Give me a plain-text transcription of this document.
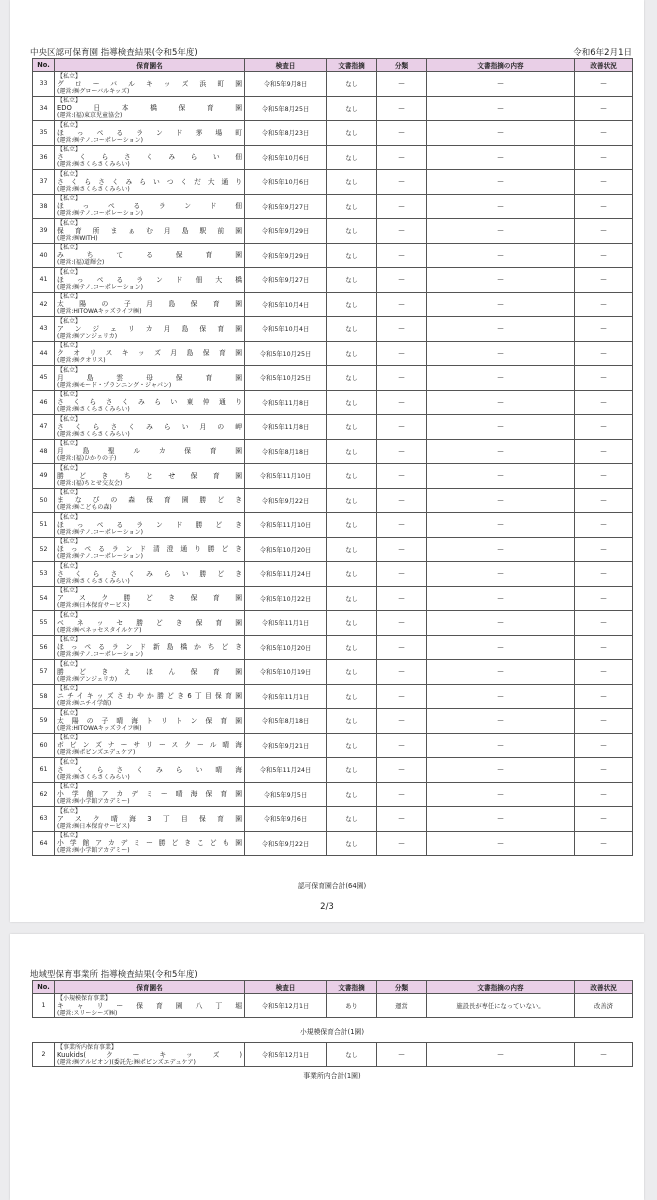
中央区認可保育園 指導検査結果(令和5年度)	令和6年2月1日
No.	保育園名	検査日	文書指摘	分類	文書指摘の内容	改善状況
33	【私立】
グローバルキッズ浜町園
(運営:㈱グローバルキッズ)	令和5年9月8日	なし	—	—	—
34	【私立】
EDO日本橋保育園
(運営:(福)東京児童協会)	令和5年8月25日	なし	—	—	—
35	【私立】
ほっぺるランド茅場町
(運営:㈱テノ.コーポレーション)	令和5年8月23日	なし	—	—	—
36	【私立】
さくらさくみらい佃
(運営:㈱さくらさくみらい)	令和5年10月6日	なし	—	—	—
37	【私立】
さくらさくみらいつくだ大通り
(運営:㈱さくらさくみらい)	令和5年10月6日	なし	—	—	—
38	【私立】
ほっぺるランド佃
(運営:㈱テノ.コーポレーション)	令和5年9月27日	なし	—	—	—
39	【私立】
保育所まぁむ月島駅前園
(運営:㈱WITH)	令和5年9月29日	なし	—	—	—
40	【私立】
みちてる保育園
(運営:(福)道輝会)	令和5年9月29日	なし	—	—	—
41	【私立】
ほっぺるランド佃大橋
(運営:㈱テノ.コーポレーション)	令和5年9月27日	なし	—	—	—
42	【私立】
太陽の子月島保育園
(運営:HITOWAキッズライフ㈱)	令和5年10月4日	なし	—	—	—
43	【私立】
アンジェリカ月島保育園
(運営:㈱アンジェリカ)	令和5年10月4日	なし	—	—	—
44	【私立】
クオリスキッズ月島保育園
(運営:㈱クオリス)	令和5年10月25日	なし	—	—	—
45	【私立】
月島雲母保育園
(運営:㈱モード・プランニング・ジャパン)	令和5年10月25日	なし	—	—	—
46	【私立】
さくらさくみらい東仲通り
(運営:㈱さくらさくみらい)	令和5年11月8日	なし	—	—	—
47	【私立】
さくらさくみらい月の岬
(運営:㈱さくらさくみらい)	令和5年11月8日	なし	—	—	—
48	【私立】
月島聖ルカ保育園
(運営:(福)ひかりの子)	令和5年8月18日	なし	—	—	—
49	【私立】
勝どきちとせ保育園
(運営:(福)ちとせ交友会)	令和5年11月10日	なし	—	—	—
50	【私立】
まなびの森保育園勝どき
(運営:㈱こどもの森)	令和5年9月22日	なし	—	—	—
51	【私立】
ほっぺるランド勝どき
(運営:㈱テノ.コーポレーション)	令和5年11月10日	なし	—	—	—
52	【私立】
ほっぺるランド清澄通り勝どき
(運営:㈱テノ.コーポレーション)	令和5年10月20日	なし	—	—	—
53	【私立】
さくらさくみらい勝どき
(運営:㈱さくらさくみらい)	令和5年11月24日	なし	—	—	—
54	【私立】
アスク勝どき保育園
(運営:㈱日本保育サービス)	令和5年10月22日	なし	—	—	—
55	【私立】
ベネッセ勝どき保育園
(運営:㈱ベネッセスタイルケア)	令和5年11月1日	なし	—	—	—
56	【私立】
ほっぺるランド新島橋かちどき
(運営:㈱テノ.コーポレーション)	令和5年10月20日	なし	—	—	—
57	【私立】
勝どきえほん保育園
(運営:㈱アンジェリカ)	令和5年10月19日	なし	—	—	—
58	【私立】
ニチイキッズさわやか勝どき6丁目保育園
(運営:㈱ニチイ学館)	令和5年11月1日	なし	—	—	—
59	【私立】
太陽の子晴海トリトン保育園
(運営:HITOWAキッズライフ㈱)	令和5年8月18日	なし	—	—	—
60	【私立】
ボビンズナーサリースクール晴海
(運営:㈱ポピンズエデュケア)	令和5年9月21日	なし	—	—	—
61	【私立】
さくらさくみらい晴海
(運営:㈱さくらさくみらい)	令和5年11月24日	なし	—	—	—
62	【私立】
小学館アカデミー晴海保育園
(運営:㈱小学館アカデミー)	令和5年9月5日	なし	—	—	—
63	【私立】
アスク晴海3丁目保育園
(運営:㈱日本保育サービス)	令和5年9月6日	なし	—	—	—
64	【私立】
小学館アカデミー勝どきこども園
(運営:㈱小学館アカデミー)	令和5年9月22日	なし	—	—	—
認可保育園合計(64園)
2/3
地域型保育事業所 指導検査結果(令和5年度)
No.	保育園名	検査日	文書指摘	分類	文書指摘の内容	改善状況
1	【小規模保育事業】
キャリー保育園八丁堀
(運営:スリーシーズ㈱)	令和5年12月1日	あり	運営	施設長が専任になっていない。	改善済
小規模保育合計(1園)
2	
【事業所内保育事業】
Kuukids(クーキッズ)
(運営:㈱アルビオン)(委託先:㈱ポピンズエデュケア)
	令和5年12月1日	なし	—	—	—
事業所内合計(1園)
